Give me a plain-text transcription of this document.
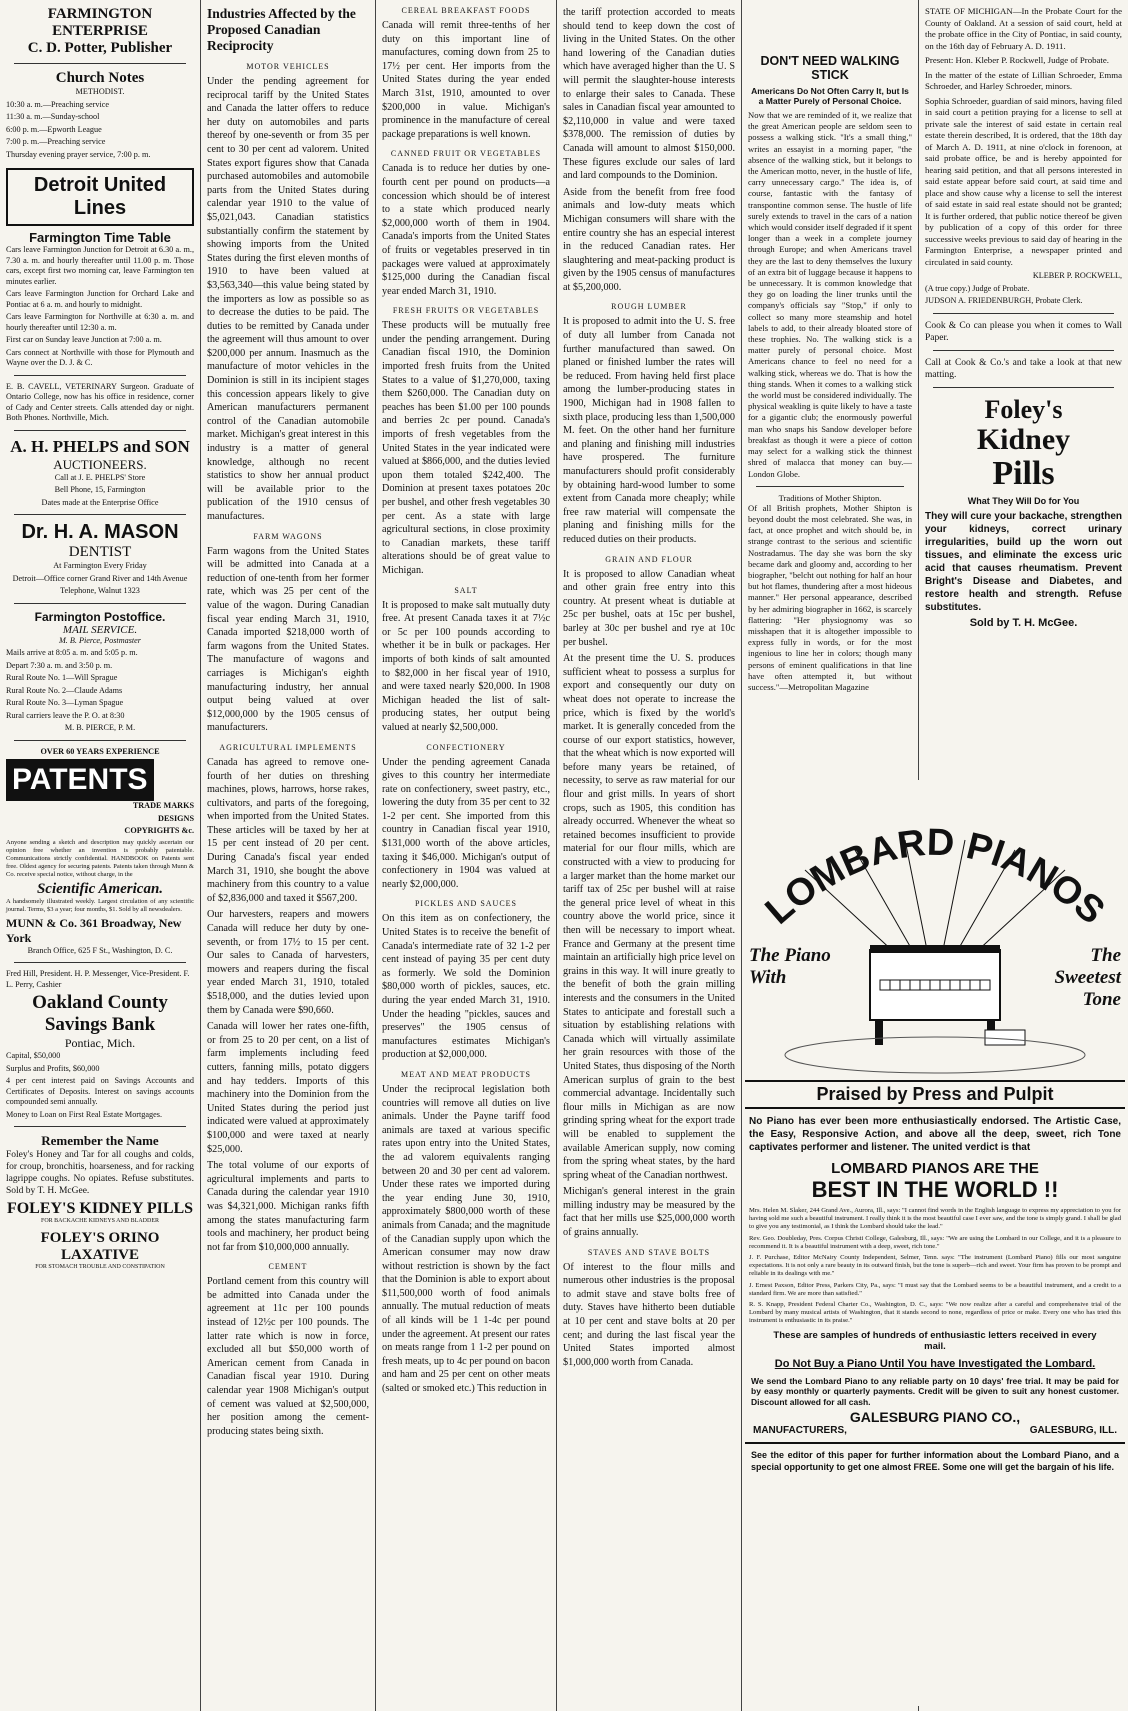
FARMINGTON ENTERPRISE
C. D. Potter, Publisher
Church Notes
METHODIST.
10:30 a. m.—Preaching service
11:30 a. m.—Sunday-school
6:00 p. m.—Epworth League
7:00 p. m.—Preaching service
Thursday evening prayer service, 7:00 p. m.
Detroit United Lines
Farmington Time Table

Cars leave Farmington Junction for Detroit at 6.30 a. m., 7.30 a. m. and hourly thereafter until 11.00 p. m. Those cars, except first two morning car, leave Farmington ten minutes earlier.

Cars leave Farmington Junction for Orchard Lake and Pontiac at 6 a. m. and hourly to midnight.

Cars leave Farmington for Northville at 6:30 a. m. and hourly thereafter until 12:30 a. m.

First car on Sunday leave Junction at 7:00 a. m.

Cars connect at Northville with those for Plymouth and Wayne over the D. J. & C.

E. B. CAVELL, VETERINARY Surgeon. Graduate of Ontario College, now has his office in residence, corner of Cady and Center streets. Calls attended day or night. Both Phones. Northville, Mich.

A. H. PHELPS and SON
AUCTIONEERS.
Call at J. E. PHELPS' Store
Bell Phone, 15, Farmington
Dates made at the Enterprise Office
Dr. H. A. MASON
DENTIST
At Farmington Every Friday
Detroit—Office corner Grand River and 14th Avenue
Telephone, Walnut 1323
Farmington Postoffice.
MAIL SERVICE.
M. B. Pierce, Postmaster
Mails arrive at 8:05 a. m. and 5:05 p. m.
Depart 7:30 a. m. and 3:50 p. m.
Rural Route No. 1—Will Sprague
Rural Route No. 2—Claude Adams
Rural Route No. 3—Lyman Spague
Rural carriers leave the P. O. at 8:30
M. B. PIERCE, P. M.
OVER 60 YEARS EXPERIENCE
PATENTS
TRADE MARKS
DESIGNS
COPYRIGHTS &c.

Anyone sending a sketch and description may quickly ascertain our opinion free whether an invention is probably patentable. Communications strictly confidential. HANDBOOK on Patents sent free. Oldest agency for securing patents. Patents taken through Munn & Co. receive special notice, without charge, in the

Scientific American.

A handsomely illustrated weekly. Largest circulation of any scientific journal. Terms, $3 a year; four months, $1. Sold by all newsdealers.

MUNN & Co. 361 Broadway, New York
Branch Office, 625 F St., Washington, D. C.
Fred Hill, President. H. P. Messenger, Vice-President. F. L. Perry, Cashier
Oakland County Savings Bank
Pontiac, Mich.
Capital, $50,000
Surplus and Profits, $60,000

4 per cent interest paid on Savings Accounts and Certificates of Deposits. Interest on savings accounts compounded semi annually.

Money to Loan on First Real Estate Mortgages.

Remember the Name

Foley's Honey and Tar for all coughs and colds, for croup, bronchitis, hoarseness, and for racking lagrippe coughs. No opiates. Refuse substitutes. Sold by T. H. McGee.

FOLEY'S KIDNEY PILLS
FOR BACKACHE KIDNEYS AND BLADDER
FOLEY'S ORINO LAXATIVE
FOR STOMACH TROUBLE AND CONSTIPATION
Industries Affected by the Proposed Canadian Reciprocity
MOTOR VEHICLES

Under the pending agreement for reciprocal tariff by the United States and Canada the latter offers to reduce her duty on automobiles and parts thereof by one-seventh or from 35 per cent to 30 per cent ad valorem. United States export figures show that Canada purchased automobiles and automobile parts from the United States during calendar year 1910 to the value of $5,021,043. Canadian statistics substantially confirm the statement by showing imports from the United States during the first eleven months of 1910 to have been valued at $3,563,340—this value being stated by the importers as low as possible so as to decrease the duties to be paid. The duties to be remitted by Canada under the agreement will thus amount to over $200,000 per annum. Inasmuch as the manufacture of motor vehicles in the Dominion is still in its incipient stages this concession appears likely to give American manufacturers permanent control of the Canadian automobile market. Michigan's great interest in this industry is a matter of general knowledge, although no recent statistics to show her annual product will be available prior to the publication of the 1910 census of manufactures.

FARM WAGONS

Farm wagons from the United States will be admitted into Canada at a reduction of one-tenth from her former rate, which was 25 per cent of the value of the wagon. During Canadian fiscal year ending March 31, 1910, Canada imported $218,000 worth of farm wagons from the United States. The manufacture of wagons and carriages is Michigan's eighth manufacturing industry, her annual output being valued at over $12,000,000 by the 1905 census of manufacturers.

AGRICULTURAL IMPLEMENTS

Canada has agreed to remove one-fourth of her duties on threshing machines, plows, harrows, horse rakes, cultivators, and parts of the foregoing, when imported from the United States. These articles will be taxed by her at 15 per cent instead of 20 per cent. During Canada's fiscal year ended March 31, 1910, she bought the above machinery from this country to a value of $2,836,000 and taxed it $567,200.

Our harvesters, reapers and mowers Canada will reduce her duty by one-seventh, or from 17½ to 15 per cent. Our sales to Canada of harvesters, mowers and reapers during the fiscal year ended March 31, 1910, totaled $518,000, and the duties levied upon them by Canada were $90,660.

Canada will lower her rates one-fifth, or from 25 to 20 per cent, on a list of farm implements including feed cutters, fanning mills, potato diggers and hay tedders. Imports of this machinery into the Dominion from the United States during the period just indicated were valued at approximately $100,000 and were taxed at nearly $25,000.

The total volume of our exports of agricultural implements and parts to Canada during the calendar year 1910 was $4,321,000. Michigan ranks fifth among the states manufacturing farm tools and machinery, her product being not far from $10,000,000 annually.

CEMENT

Portland cement from this country will be admitted into Canada under the agreement at 11c per 100 pounds instead of 12½c per 100 pounds. The latter rate which is now in force, excluded all but $50,000 worth of American cement from Canada in Canadian fiscal year 1910. During calendar year 1908 Michigan's output of cement was valued at $2,500,000, her position among the cement-producing states being sixth.

CEREAL BREAKFAST FOODS

Canada will remit three-tenths of her duty on this important line of manufactures, coming down from 25 to 17½ per cent. Her imports from the United States during the year ended March 31st, 1910, amounted to over $200,000 in value. Michigan's prominence in the manufacture of cereal package preparations is well known.

CANNED FRUIT OR VEGETABLES

Canada is to reduce her duties by one-fourth cent per pound on products—a concession which should be of interest to a state which produced nearly $2,000,000 worth of them in 1904. Canada's imports from the United States of fruits or vegetables preserved in tin packages were valued at approximately $125,000 during the Canadian fiscal year ended March 31, 1910.

FRESH FRUITS OR VEGETABLES

These products will be mutually free under the pending arrangement. During Canadian fiscal 1910, the Dominion imported fresh fruits from the United States to a value of $1,270,000, taxing them $260,000. The Canadian duty on peaches has been $1.00 per 100 pounds and berries 2c per pound. Canada's imports of fresh vegetables from the United States in the year indicated were valued at $866,000, and the duties levied upon them totaled $242,400. The Dominion at present taxes potatoes 20c per bushel, and other fresh vegetables 30 per cent. As a state with large agricultural sections, in close proximity to Canadian markets, these tariff alterations should be of great value to Michigan.

SALT

It is proposed to make salt mutually duty free. At present Canada taxes it at 7½c or 5c per 100 pounds according to whether it be in bulk or packages. Her imports of both kinds of salt amounted to $82,000 in her fiscal year of 1910, and were taxed nearly $20,000. In 1908 Michigan headed the list of salt-producing states, her output being valued at nearly $2,500,000.

CONFECTIONERY

Under the pending agreement Canada gives to this country her intermediate rate on confectionery, sweet pastry, etc., lowering the duty from 35 per cent to 32 1-2 per cent. She imported from this country in Canadian fiscal year 1910, $131,000 worth of the above articles, taxing it $46,000. Michigan's output of confectionery in 1904 was valued at nearly $2,000,000.

PICKLES AND SAUCES

On this item as on confectionery, the United States is to receive the benefit of Canada's intermediate rate of 32 1-2 per cent instead of paying 35 per cent duty as formerly. We sold the Dominion $80,000 worth of pickles, sauces, etc. during the year ended March 31, 1910. Under the heading "pickles, sauces and preserves" the 1905 census of manufactures estimates Michigan's production at $2,000,000.

MEAT AND MEAT PRODUCTS

Under the reciprocal legislation both countries will remove all duties on live animals. Under the Payne tariff food animals are taxed at various specific rates upon entry into the United States, the ad valorem equivalents ranging between 20 and 30 per cent ad valorem. Under these rates we imported during the year ending June 30, 1910, approximately $800,000 worth of these animals from Canada; and the magnitude of the Canadian supply upon which the American consumer may now draw without restriction is shown by the fact that the Dominion is able to export about $11,500,000 worth of food animals annually. The mutual reduction of meats of all kinds will be 1 1-4c per pound under the agreement. At present our rates on meats range from 1 1-2 per pound on fresh meats, up to 4c per pound on bacon and ham and 25 per cent on other meats (salted or smoked etc.) This reduction in

the tariff protection accorded to meats should tend to keep down the cost of living in the United States. On the other hand lowering of the Canadian duties which have averaged higher than the U. S will permit the slaughter-house interests to enlarge their sales to Canada. These sales in Canadian fiscal year amounted to $2,110,000 in value and were taxed $378,000. The remission of duties by Canada will amount to almost $150,000. These figures exclude our sales of lard and lard compounds to the Dominion.

Aside from the benefit from free food animals and low-duty meats which Michigan consumers will share with the entire country she has an especial interest in the reduced Canadian rates. Her slaughtering and meat-packing product is given by the 1905 census of manufactures at $5,200,000.

ROUGH LUMBER

It is proposed to admit into the U. S. free of duty all lumber from Canada not further manufactured than sawed. On planed or finished lumber the rates will be reduced. From having held first place among the lumber-producing states in 1900, Michigan had in 1908 fallen to sixth place, producing less than 1,500,000 M. feet. On the other hand her furniture and planing and finishing mill industries have prospered. The furniture manufacturers should profit considerably by obtaining hard-wood lumber to some extent from Canada more cheaply; while free raw material will compensate the planing and finishing mills for the reduced duties on their products.

GRAIN AND FLOUR

It is proposed to allow Canadian wheat and other grain free entry into this country. At present wheat is dutiable at 25c per bushel, oats at 15c per bushel, barley at 30c per bushel and rye at 10c per bushel.

At the present time the U. S. produces sufficient wheat to possess a surplus for export and consequently our duty on wheat does not operate to increase the price, which is fixed by the world's market. It is generally conceded from the course of our export statistics, however, that the wheat which is now exported will before many years be retained, of necessity, to serve as raw material for our flour and grist mills. In years of short crops, such as 1905, this condition has already occurred. Whenever the wheat so retained becomes insufficient to provide material for our flour mills, which are constructed with a view to producing for a larger market than the home market our tariff tax of 25c per bushel will at raise the general price level of wheat in this country above the world price, since it then will be necessary to import wheat. France and Germany at the present time maintain an artificially high price level on grains in this way. It will inure greatly to the benefit of both the grain milling interests and the consumers in the United States to anticipate and forestall such a situation by establishing relations with Canada which will virtually assimilate her grain resources with those of the United States, thus disposing of the North American surplus of grain to the best commercial advantage. Incidentally such flour mills in Michigan as are now grinding spring wheat for the export trade will be enabled to supplement the available American supply, now coming from the spring wheat states, by the hard spring wheat of the Canadian northwest.

Michigan's general interest in the grain milling industry may be measured by the fact that her mills use $25,000,000 worth of grains annually.

STAVES AND STAVE BOLTS

Of interest to the flour mills and numerous other industries is the proposal to admit stave and stave bolts free of duty. Staves have hitherto been dutiable at 10 per cent and stave bolts at 20 per cent; and during the last fiscal year the United States imported almost $1,000,000 worth from Canada.

DON'T NEED WALKING STICK
Americans Do Not Often Carry It, but Is a Matter Purely of Personal Choice.

Now that we are reminded of it, we realize that the great American people are seldom seen to possess a walking stick. "It's a small thing," writes an essayist in a morning paper, "the absence of the walking stick, but it belongs to the American motto, never, in the hustle of life, carry unnecessary cargo." The idea is, of course, fantastic with the fantasy of transpontine common sense. The hustle of life surely extends to travel in the cars of a nation which would consider itself degraded if it spent longer than a week in a complete journey through Europe; and when Americans travel they are the last to deny themselves the luxury of an extra bit of luggage because it happens to be unnecessary. It is common knowledge that they go on loading the liner trunks until the company's officials say "Stop," if only to collect so many more steamship and hotel labels to add, to their already bloated store of these trophies. No. The walking stick is a matter purely of personal choice. Most Americans chance to feel no need for a walking stick, whereas we do. That is how the thing stands. When it comes to a walking stick the world must be considered individually. The physical weakling is quite likely to have a taste for a gigantic club; the enormously powerful man who snaps his Sandow developer before breakfast as though it were a piece of cotton may select for a walking stick the thinnest shred of malacca that money can buy.—London Globe.

Traditions of Mother Shipton.

Of all British prophets, Mother Shipton is beyond doubt the most celebrated. She was, in fact, at once prophet and witch should be, in strange contrast to the serious and scientific Nostradamus. The day she was born the sky became dark and gloomy and, according to her biographer, "belcht out nothing for half an hour but hot flames, thundering after a most hideous manner." Her personal appearance, described by her admiring biographer in 1662, is scarcely flattering: "Her physiognomy was so misshapen that it is altogether impossible to express fully in words, or for the most ingenious to line her in colors; though many persons of eminent qualifications in that line have often attempted it, but without success."—Metropolitan Magazine

STATE OF MICHIGAN—In the Probate Court for the County of Oakland. At a session of said court, held at the probate office in the City of Pontiac, in said county, on the 16th day of February A. D. 1911.

Present: Hon. Kleber P. Rockwell, Judge of Probate.

In the matter of the estate of Lillian Schroeder, Emma Schroeder, and Harley Schroeder, minors.

Sophia Schroeder, guardian of said minors, having filed in said court a petition praying for a license to sell at private sale the interest of said estate in certain real estate therein described, It is ordered, that the 18th day of March A. D. 1911, at nine o'clock in forenoon, at said probate office, be and is hereby appointed for hearing said petition, and that all persons interested in said estate appear before said court, at said time and place and show cause why a license to sell the interest of said estate in said real estate should not be granted; It is further ordered, that public notice thereof be given by publication of a copy of this order for three successive weeks previous to said day of hearing in the Farmington Enterprise, a newspaper printed and circulated in said county.

KLEBER P. ROCKWELL,
(A true copy.) Judge of Probate.
JUDSON A. FRIEDENBURGH, Probate Clerk.

Cook & Co can please you when it comes to Wall Paper.

Call at Cook & Co.'s and take a look at that new matting.

Foley's
Kidney
Pills
What They Will Do for You

They will cure your backache, strengthen your kidneys, correct urinary irregularities, build up the worn out tissues, and eliminate the excess uric acid that causes rheumatism. Prevent Bright's Disease and Diabetes, and restore health and strength. Refuse substitutes.

Sold by T. H. McGee.
LOMBARD PIANOS
The Piano With
The Sweetest Tone
Praised by Press and Pulpit

No Piano has ever been more enthusiastically endorsed. The Artistic Case, the Easy, Responsive Action, and above all the deep, sweet, rich Tone captivates performer and listener. The united verdict is that

LOMBARD PIANOS ARE THE
BEST IN THE WORLD !!

Mrs. Helen M. Slaker, 244 Grand Ave., Aurora, Ill., says: "I cannot find words in the English language to express my appreciation to you for having sold me such a beautiful instrument. I really think it is the most beautiful case I ever saw, and the tone is simply grand. I shall be glad to give you any testimonial, as I think the Lombard should take the lead."

Rev. Geo. Doubleday, Pres. Corpus Christi College, Galesburg, Ill., says: "We are using the Lombard in our College, and it is a pleasure to recommend it. It is a beautiful instrument with a deep, sweet, rich tone."

J. F. Purchase, Editor McNairy County Independent, Selmer, Tenn. says: "The instrument (Lombard Piano) fills our most sanguine expectations. It is not only a rare beauty in its outward finish, but the tone is superb—rich and sweet. Your firm has proven to be prompt and reliable in its dealings with me."

J. Ernest Paxson, Editor Press, Parkers City, Pa., says: "I must say that the Lombard seems to be a beautiful instrument, and a credit to a standard firm. We are more than satisfied."

R. S. Knapp, President Federal Charter Co., Washington, D. C., says: "We now realize after a careful and comprehensive trial of the Lombard by many musical artists of Washington, that it stands second to none, regardless of price or make. Every one who has tried this instrument is enthusiastic in its praise."

These are samples of hundreds of enthusiastic letters received in every mail.
Do Not Buy a Piano Until You have Investigated the Lombard.

We send the Lombard Piano to any reliable party on 10 days' free trial. It may be paid for by easy monthly or quarterly payments. Credit will be given to suit any honest customer. Discount allowed for all cash.

GALESBURG PIANO CO.,
MANUFACTURERS,	GALESBURG, ILL.

See the editor of this paper for further information about the Lombard Piano, and a special opportunity to get one almost FREE. Some one will get the bargain of his life.
